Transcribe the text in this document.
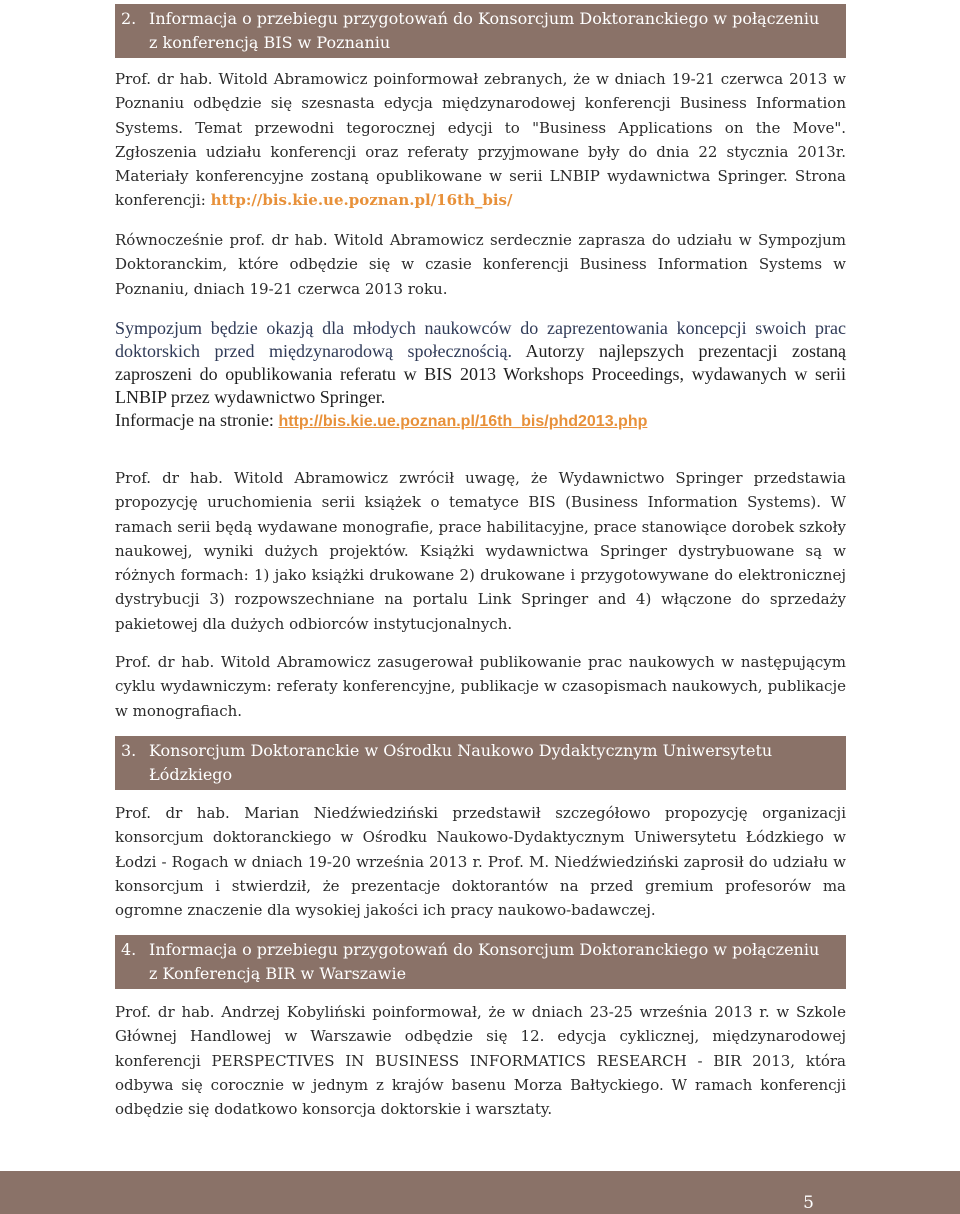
2. Informacja o przebiegu przygotowań do Konsorcjum Doktoranckiego w połączeniu
z konferencją BIS w Poznaniu
Prof. dr hab. Witold Abramowicz poinformował zebranych, że w dniach 19-21 czerwca 2013 w Poznaniu odbędzie się szesnasta edycja międzynarodowej konferencji Business Information Systems. Temat przewodni tegorocznej edycji to "Business Applications on the Move". Zgłoszenia udziału konferencji oraz referaty przyjmowane były do dnia 22 stycznia 2013r. Materiały konferencyjne zostaną opublikowane w serii LNBIP wydawnictwa Springer. Strona konferencji: http://bis.kie.ue.poznan.pl/16th_bis/
Równocześnie prof. dr hab. Witold Abramowicz serdecznie zaprasza do udziału w Sympozjum Doktoranckim, które odbędzie się w czasie konferencji Business Information Systems w Poznaniu, dniach 19-21 czerwca 2013 roku.
Sympozjum będzie okazją dla młodych naukowców do zaprezentowania koncepcji swoich prac doktorskich przed międzynarodową społecznością. Autorzy najlepszych prezentacji zostaną zaproszeni do opublikowania referatu w BIS 2013 Workshops Proceedings, wydawanych w serii LNBIP przez wydawnictwo Springer.
Informacje na stronie: http://bis.kie.ue.poznan.pl/16th_bis/phd2013.php
Prof. dr hab. Witold Abramowicz zwrócił uwagę, że Wydawnictwo Springer przedstawia propozycję uruchomienia serii książek o tematyce BIS (Business Information Systems). W ramach serii będą wydawane monografie, prace habilitacyjne, prace stanowiące dorobek szkoły naukowej, wyniki dużych projektów. Książki wydawnictwa Springer dystrybuowane są w różnych formach: 1) jako książki drukowane 2) drukowane i przygotowywane do elektronicznej dystrybucji 3) rozpowszechniane na portalu Link Springer and 4) włączone do sprzedaży pakietowej dla dużych odbiorców instytucjonalnych.
Prof. dr hab. Witold Abramowicz zasugerował publikowanie prac naukowych w następującym cyklu wydawniczym: referaty konferencyjne, publikacje w czasopismach naukowych, publikacje w monografiach.
3. Konsorcjum Doktoranckie w Ośrodku Naukowo Dydaktycznym Uniwersytetu
Łódzkiego
Prof. dr hab. Marian Niedźwiedziński przedstawił szczegółowo propozycję organizacji konsorcjum doktoranckiego w Ośrodku Naukowo-Dydaktycznym Uniwersytetu Łódzkiego w Łodzi - Rogach w dniach 19-20 września 2013 r. Prof. M. Niedźwiedziński zaprosił do udziału w konsorcjum i stwierdził, że prezentacje doktorantów na przed gremium profesorów ma ogromne znaczenie dla wysokiej jakości ich pracy naukowo-badawczej.
4. Informacja o przebiegu przygotowań do Konsorcjum Doktoranckiego w połączeniu
z Konferencją BIR w Warszawie
Prof. dr hab. Andrzej Kobyliński poinformował, że w dniach 23-25 września 2013 r. w Szkole Głównej Handlowej w Warszawie odbędzie się 12. edycja cyklicznej, międzynarodowej konferencji PERSPECTIVES IN BUSINESS INFORMATICS RESEARCH - BIR 2013, która odbywa się corocznie w jednym z krajów basenu Morza Bałtyckiego. W ramach konferencji odbędzie się dodatkowo konsorcja doktorskie i warsztaty.
5
